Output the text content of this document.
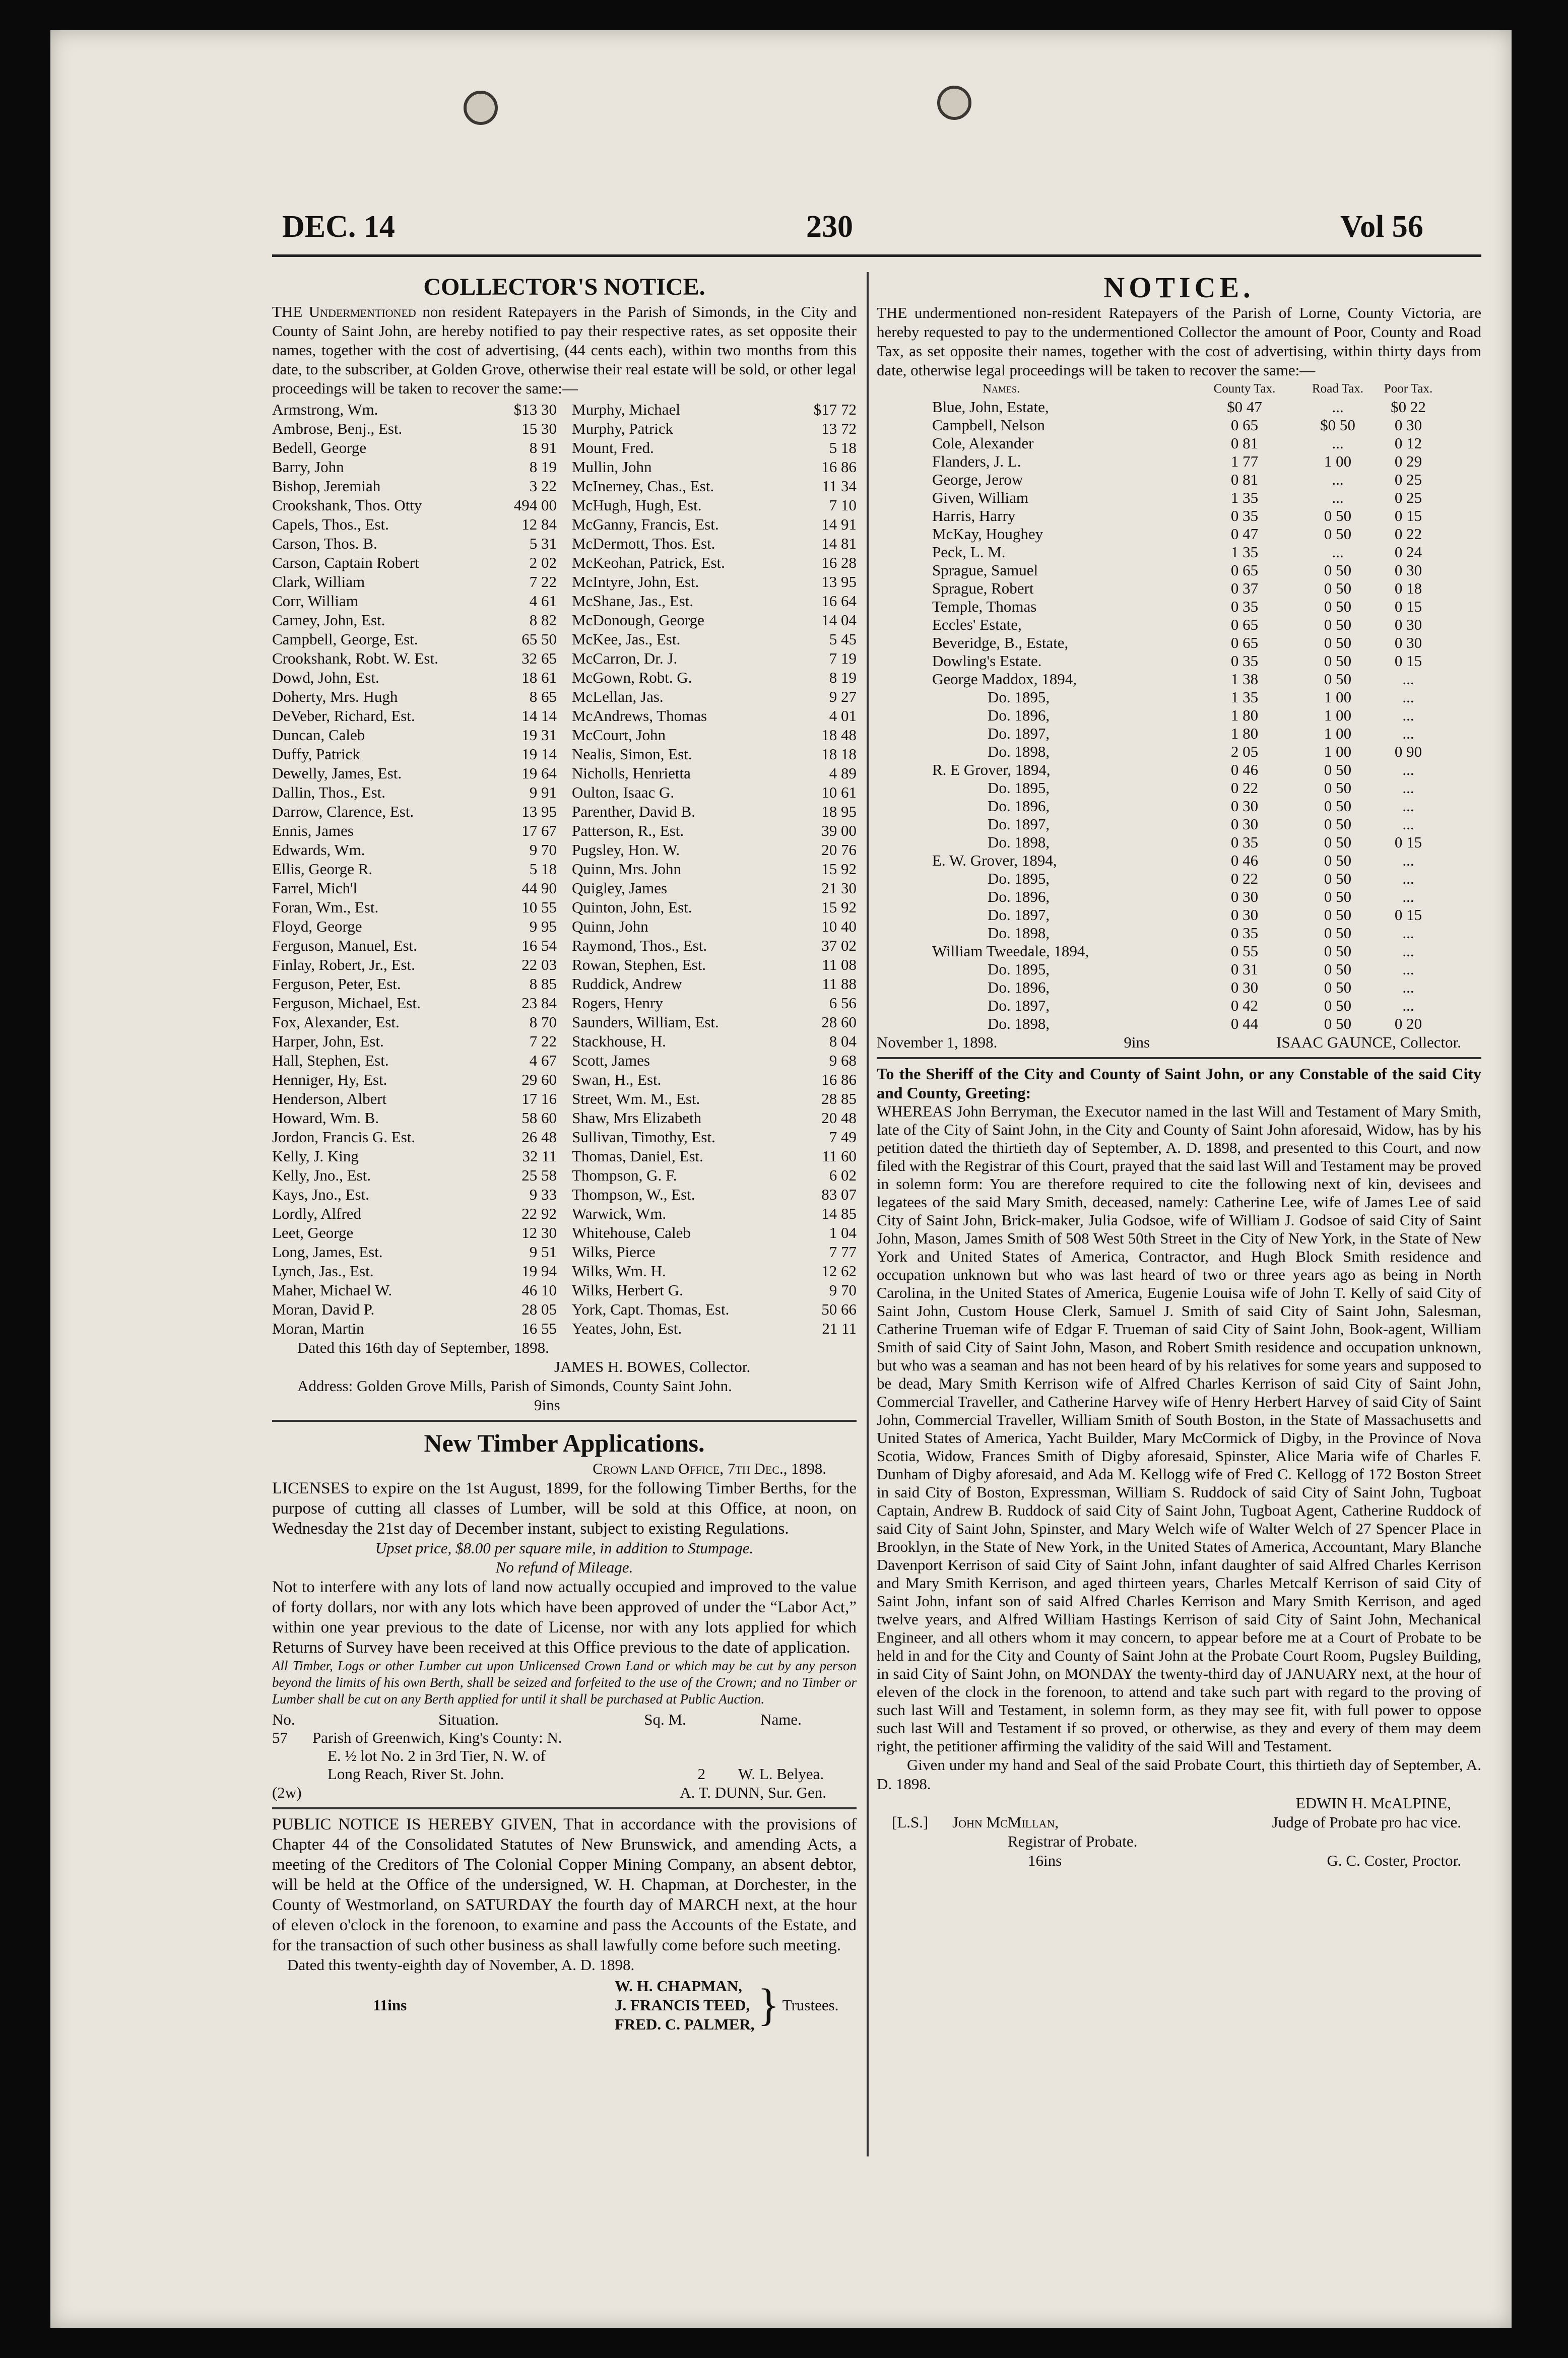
DEC. 14	230	Vol 56
COLLECTOR'S NOTICE.

THE Undermentioned non resident Ratepayers in the Parish of Simonds, in the City and County of Saint John, are hereby notified to pay their respective rates, as set opposite their names, together with the cost of advertising, (44 cents each), within two months from this date, to the subscriber, at Golden Grove, otherwise their real estate will be sold, or other legal proceedings will be taken to recover the same:—

Armstrong, Wm.	$13 30
Ambrose, Benj., Est.	15 30
Bedell, George	8 91
Barry, John	8 19
Bishop, Jeremiah	3 22
Crookshank, Thos. Otty	494 00
Capels, Thos., Est.	12 84
Carson, Thos. B.	5 31
Carson, Captain Robert	2 02
Clark, William	7 22
Corr, William	4 61
Carney, John, Est.	8 82
Campbell, George, Est.	65 50
Crookshank, Robt. W. Est.	32 65
Dowd, John, Est.	18 61
Doherty, Mrs. Hugh	8 65
DeVeber, Richard, Est.	14 14
Duncan, Caleb	19 31
Duffy, Patrick	19 14
Dewelly, James, Est.	19 64
Dallin, Thos., Est.	9 91
Darrow, Clarence, Est.	13 95
Ennis, James	17 67
Edwards, Wm.	9 70
Ellis, George R.	5 18
Farrel, Mich'l	44 90
Foran, Wm., Est.	10 55
Floyd, George	9 95
Ferguson, Manuel, Est.	16 54
Finlay, Robert, Jr., Est.	22 03
Ferguson, Peter, Est.	8 85
Ferguson, Michael, Est.	23 84
Fox, Alexander, Est.	8 70
Harper, John, Est.	7 22
Hall, Stephen, Est.	4 67
Henniger, Hy, Est.	29 60
Henderson, Albert	17 16
Howard, Wm. B.	58 60
Jordon, Francis G. Est.	26 48
Kelly, J. King	32 11
Kelly, Jno., Est.	25 58
Kays, Jno., Est.	9 33
Lordly, Alfred	22 92
Leet, George	12 30
Long, James, Est.	9 51
Lynch, Jas., Est.	19 94
Maher, Michael W.	46 10
Moran, David P.	28 05
Moran, Martin	16 55
Murphy, Michael	$17 72
Murphy, Patrick	13 72
Mount, Fred.	5 18
Mullin, John	16 86
McInerney, Chas., Est.	11 34
McHugh, Hugh, Est.	7 10
McGanny, Francis, Est.	14 91
McDermott, Thos. Est.	14 81
McKeohan, Patrick, Est.	16 28
McIntyre, John, Est.	13 95
McShane, Jas., Est.	16 64
McDonough, George	14 04
McKee, Jas., Est.	5 45
McCarron, Dr. J.	7 19
McGown, Robt. G.	8 19
McLellan, Jas.	9 27
McAndrews, Thomas	4 01
McCourt, John	18 48
Nealis, Simon, Est.	18 18
Nicholls, Henrietta	4 89
Oulton, Isaac G.	10 61
Parenther, David B.	18 95
Patterson, R., Est.	39 00
Pugsley, Hon. W.	20 76
Quinn, Mrs. John	15 92
Quigley, James	21 30
Quinton, John, Est.	15 92
Quinn, John	10 40
Raymond, Thos., Est.	37 02
Rowan, Stephen, Est.	11 08
Ruddick, Andrew	11 88
Rogers, Henry	6 56
Saunders, William, Est.	28 60
Stackhouse, H.	8 04
Scott, James	9 68
Swan, H., Est.	16 86
Street, Wm. M., Est.	28 85
Shaw, Mrs Elizabeth	20 48
Sullivan, Timothy, Est.	7 49
Thomas, Daniel, Est.	11 60
Thompson, G. F.	6 02
Thompson, W., Est.	83 07
Warwick, Wm.	14 85
Whitehouse, Caleb	1 04
Wilks, Pierce	7 77
Wilks, Wm. H.	12 62
Wilks, Herbert G.	9 70
York, Capt. Thomas, Est.	50 66
Yeates, John, Est.	21 11
Dated this 16th day of September, 1898.
JAMES H. BOWES, Collector.
Address: Golden Grove Mills, Parish of Simonds, County Saint John.
9ins
New Timber Applications.
Crown Land Office, 7th Dec., 1898.

LICENSES to expire on the 1st August, 1899, for the following Timber Berths, for the purpose of cutting all classes of Lumber, will be sold at this Office, at noon, on Wednesday the 21st day of December instant, subject to existing Regulations.

Upset price, $8.00 per square mile, in addition to Stumpage.
No refund of Mileage.

Not to interfere with any lots of land now actually occupied and improved to the value of forty dollars, nor with any lots which have been approved of under the “Labor Act,” within one year previous to the date of License, nor with any lots applied for which Returns of Survey have been received at this Office previous to the date of application.

All Timber, Logs or other Lumber cut upon Unlicensed Crown Land or which may be cut by any person beyond the limits of his own Berth, shall be seized and forfeited to the use of the Crown; and no Timber or Lumber shall be cut on any Berth applied for until it shall be purchased at Public Auction.

No.	Situation.	Sq. M.	Name.
57	Parish of Greenwich, King's County: N.
E. ½ lot No. 2 in 3rd Tier, N. W. of
Long Reach, River St. John.	2	W. L. Belyea.
(2w)	A. T. DUNN, Sur. Gen.

PUBLIC NOTICE IS HEREBY GIVEN, That in accordance with the provisions of Chapter 44 of the Consolidated Statutes of New Brunswick, and amending Acts, a meeting of the Creditors of The Colonial Copper Mining Company, an absent debtor, will be held at the Office of the undersigned, W. H. Chapman, at Dorchester, in the County of Westmorland, on SATURDAY the fourth day of MARCH next, at the hour of eleven o'clock in the forenoon, to examine and pass the Accounts of the Estate, and for the transaction of such other business as shall lawfully come before such meeting.

Dated this twenty-eighth day of November, A. D. 1898.
11ins
W. H. CHAPMAN,
J. FRANCIS TEED,
FRED. C. PALMER, } Trustees.
NOTICE.

THE undermentioned non-resident Ratepayers of the Parish of Lorne, County Victoria, are hereby requested to pay to the undermentioned Collector the amount of Poor, County and Road Tax, as set opposite their names, together with the cost of advertising, within thirty days from date, otherwise legal proceedings will be taken to recover the same:—

Names.	County Tax.	Road Tax.	Poor Tax.
Blue, John, Estate,	$0 47	...	$0 22
Campbell, Nelson	0 65	$0 50	0 30
Cole, Alexander	0 81	...	0 12
Flanders, J. L.	1 77	1 00	0 29
George, Jerow	0 81	...	0 25
Given, William	1 35	...	0 25
Harris, Harry	0 35	0 50	0 15
McKay, Houghey	0 47	0 50	0 22
Peck, L. M.	1 35	...	0 24
Sprague, Samuel	0 65	0 50	0 30
Sprague, Robert	0 37	0 50	0 18
Temple, Thomas	0 35	0 50	0 15
Eccles' Estate,	0 65	0 50	0 30
Beveridge, B., Estate,	0 65	0 50	0 30
Dowling's Estate.	0 35	0 50	0 15
George Maddox, 1894,	1 38	0 50	...
Do. 1895,	1 35	1 00	...
Do. 1896,	1 80	1 00	...
Do. 1897,	1 80	1 00	...
Do. 1898,	2 05	1 00	0 90
R. E Grover, 1894,	0 46	0 50	...
Do. 1895,	0 22	0 50	...
Do. 1896,	0 30	0 50	...
Do. 1897,	0 30	0 50	...
Do. 1898,	0 35	0 50	0 15
E. W. Grover, 1894,	0 46	0 50	...
Do. 1895,	0 22	0 50	...
Do. 1896,	0 30	0 50	...
Do. 1897,	0 30	0 50	0 15
Do. 1898,	0 35	0 50	...
William Tweedale, 1894,	0 55	0 50	...
Do. 1895,	0 31	0 50	...
Do. 1896,	0 30	0 50	...
Do. 1897,	0 42	0 50	...
Do. 1898,	0 44	0 50	0 20
November 1, 1898.	9ins	ISAAC GAUNCE, Collector.

To the Sheriff of the City and County of Saint John, or any Constable of the said City and County, Greeting:

WHEREAS John Berryman, the Executor named in the last Will and Testament of Mary Smith, late of the City of Saint John, in the City and County of Saint John aforesaid, Widow, has by his petition dated the thirtieth day of September, A. D. 1898, and presented to this Court, and now filed with the Registrar of this Court, prayed that the said last Will and Testament may be proved in solemn form: You are therefore required to cite the following next of kin, devisees and legatees of the said Mary Smith, deceased, namely: Catherine Lee, wife of James Lee of said City of Saint John, Brick-maker, Julia Godsoe, wife of William J. Godsoe of said City of Saint John, Mason, James Smith of 508 West 50th Street in the City of New York, in the State of New York and United States of America, Contractor, and Hugh Block Smith residence and occupation unknown but who was last heard of two or three years ago as being in North Carolina, in the United States of America, Eugenie Louisa wife of John T. Kelly of said City of Saint John, Custom House Clerk, Samuel J. Smith of said City of Saint John, Salesman, Catherine Trueman wife of Edgar F. Trueman of said City of Saint John, Book-agent, William Smith of said City of Saint John, Mason, and Robert Smith residence and occupation unknown, but who was a seaman and has not been heard of by his relatives for some years and supposed to be dead, Mary Smith Kerrison wife of Alfred Charles Kerrison of said City of Saint John, Commercial Traveller, and Catherine Harvey wife of Henry Herbert Harvey of said City of Saint John, Commercial Traveller, William Smith of South Boston, in the State of Massachusetts and United States of America, Yacht Builder, Mary McCormick of Digby, in the Province of Nova Scotia, Widow, Frances Smith of Digby aforesaid, Spinster, Alice Maria wife of Charles F. Dunham of Digby aforesaid, and Ada M. Kellogg wife of Fred C. Kellogg of 172 Boston Street in said City of Boston, Expressman, William S. Ruddock of said City of Saint John, Tugboat Captain, Andrew B. Ruddock of said City of Saint John, Tugboat Agent, Catherine Ruddock of said City of Saint John, Spinster, and Mary Welch wife of Walter Welch of 27 Spencer Place in Brooklyn, in the State of New York, in the United States of America, Accountant, Mary Blanche Davenport Kerrison of said City of Saint John, infant daughter of said Alfred Charles Kerrison and Mary Smith Kerrison, and aged thirteen years, Charles Metcalf Kerrison of said City of Saint John, infant son of said Alfred Charles Kerrison and Mary Smith Kerrison, and aged twelve years, and Alfred William Hastings Kerrison of said City of Saint John, Mechanical Engineer, and all others whom it may concern, to appear before me at a Court of Probate to be held in and for the City and County of Saint John at the Probate Court Room, Pugsley Building, in said City of Saint John, on MONDAY the twenty-third day of JANUARY next, at the hour of eleven of the clock in the forenoon, to attend and take such part with regard to the proving of such last Will and Testament, in solemn form, as they may see fit, with full power to oppose such last Will and Testament if so proved, or otherwise, as they and every of them may deem right, the petitioner affirming the validity of the said Will and Testament.

Given under my hand and Seal of the said Probate Court, this thirtieth day of September, A. D. 1898.

EDWIN H. McALPINE,
[L.S.] John McMillan,	Judge of Probate pro hac vice.
Registrar of Probate.
16ins	G. C. Coster, Proctor.
